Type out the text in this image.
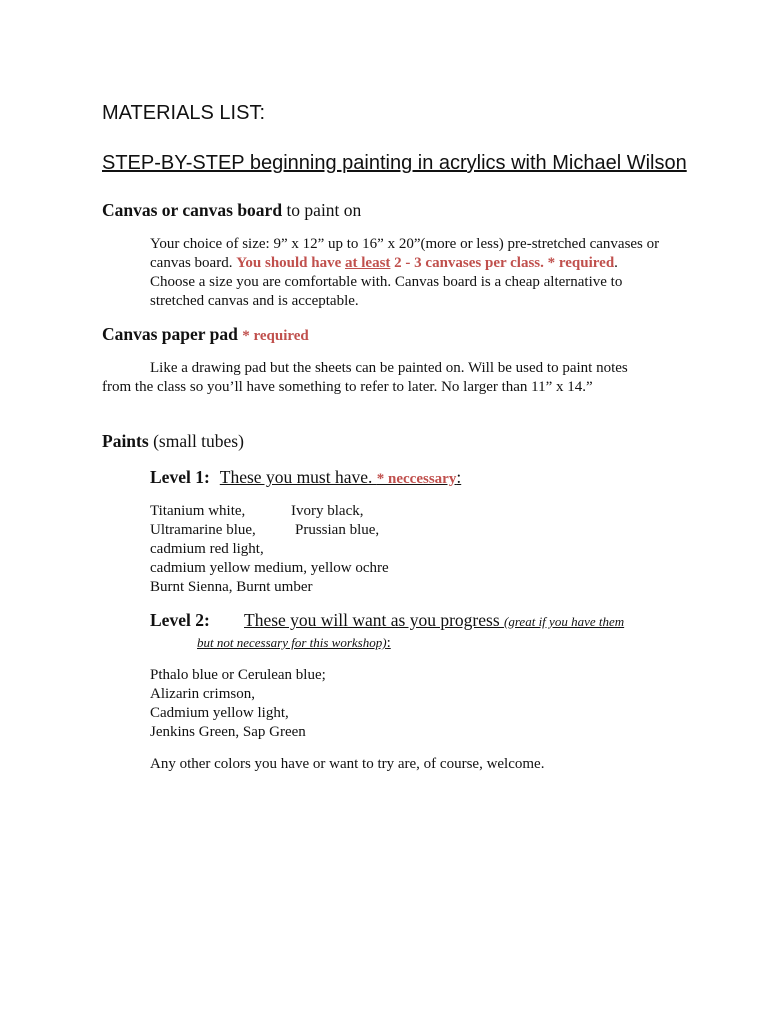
MATERIALS LIST:
STEP-BY-STEP beginning painting in acrylics with Michael Wilson
Canvas or canvas board to paint on
Your choice of size: 9” x 12” up to 16” x 20”(more or less) pre-stretched canvases or
canvas board. You should have at least 2 - 3 canvases per class. * required.
Choose a size you are comfortable with. Canvas board is a cheap alternative to
stretched canvas and is acceptable.
Canvas paper pad * required
Like a drawing pad but the sheets can be painted on. Will be used to paint notes
from the class so you’ll have something to refer to later. No larger than 11” x 14.”
Paints (small tubes)
Level 1: These you must have. * neccessary:
Titanium white,	Ivory black,
Ultramarine blue,	Prussian blue,
cadmium red light,
cadmium yellow medium, yellow ochre
Burnt Sienna, Burnt umber
Level 2: These you will want as you progress (great if you have them
but not necessary for this workshop):
Pthalo blue or Cerulean blue;
Alizarin crimson,
Cadmium yellow light,
Jenkins Green, Sap Green
Any other colors you have or want to try are, of course, welcome.
